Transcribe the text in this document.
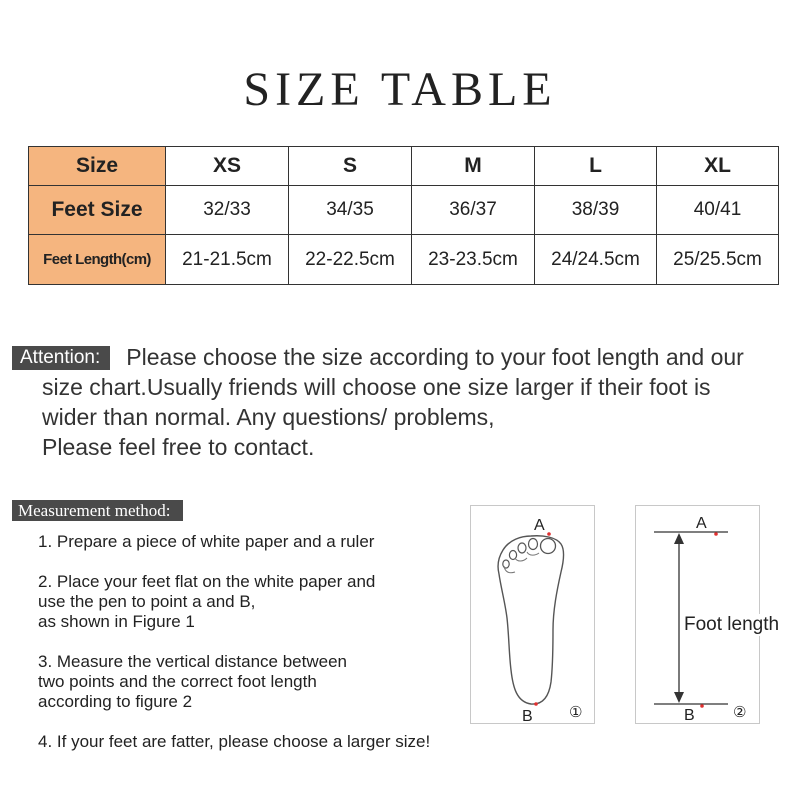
SIZE TABLE
Size	XS	S	M	L	XL
Feet Size	32/33	34/35	36/37	38/39	40/41
Feet Length(cm)	21-21.5cm	22-22.5cm	23-23.5cm	24/24.5cm	25/25.5cm
Attention: Please choose the size according to your foot length and our
size chart.Usually friends will choose one size larger if their foot is
wider than normal. Any questions/ problems,
Please feel free to contact.
Measurement method:
1. Prepare a piece of white paper and a ruler
2. Place your feet flat on the white paper and
use the pen to point a and B,
as shown in Figure 1
3. Measure the vertical distance between
two points and the correct foot length
according to figure 2
4. If your feet are fatter, please choose a larger size!
A
B ①
A
B	②
Foot length
